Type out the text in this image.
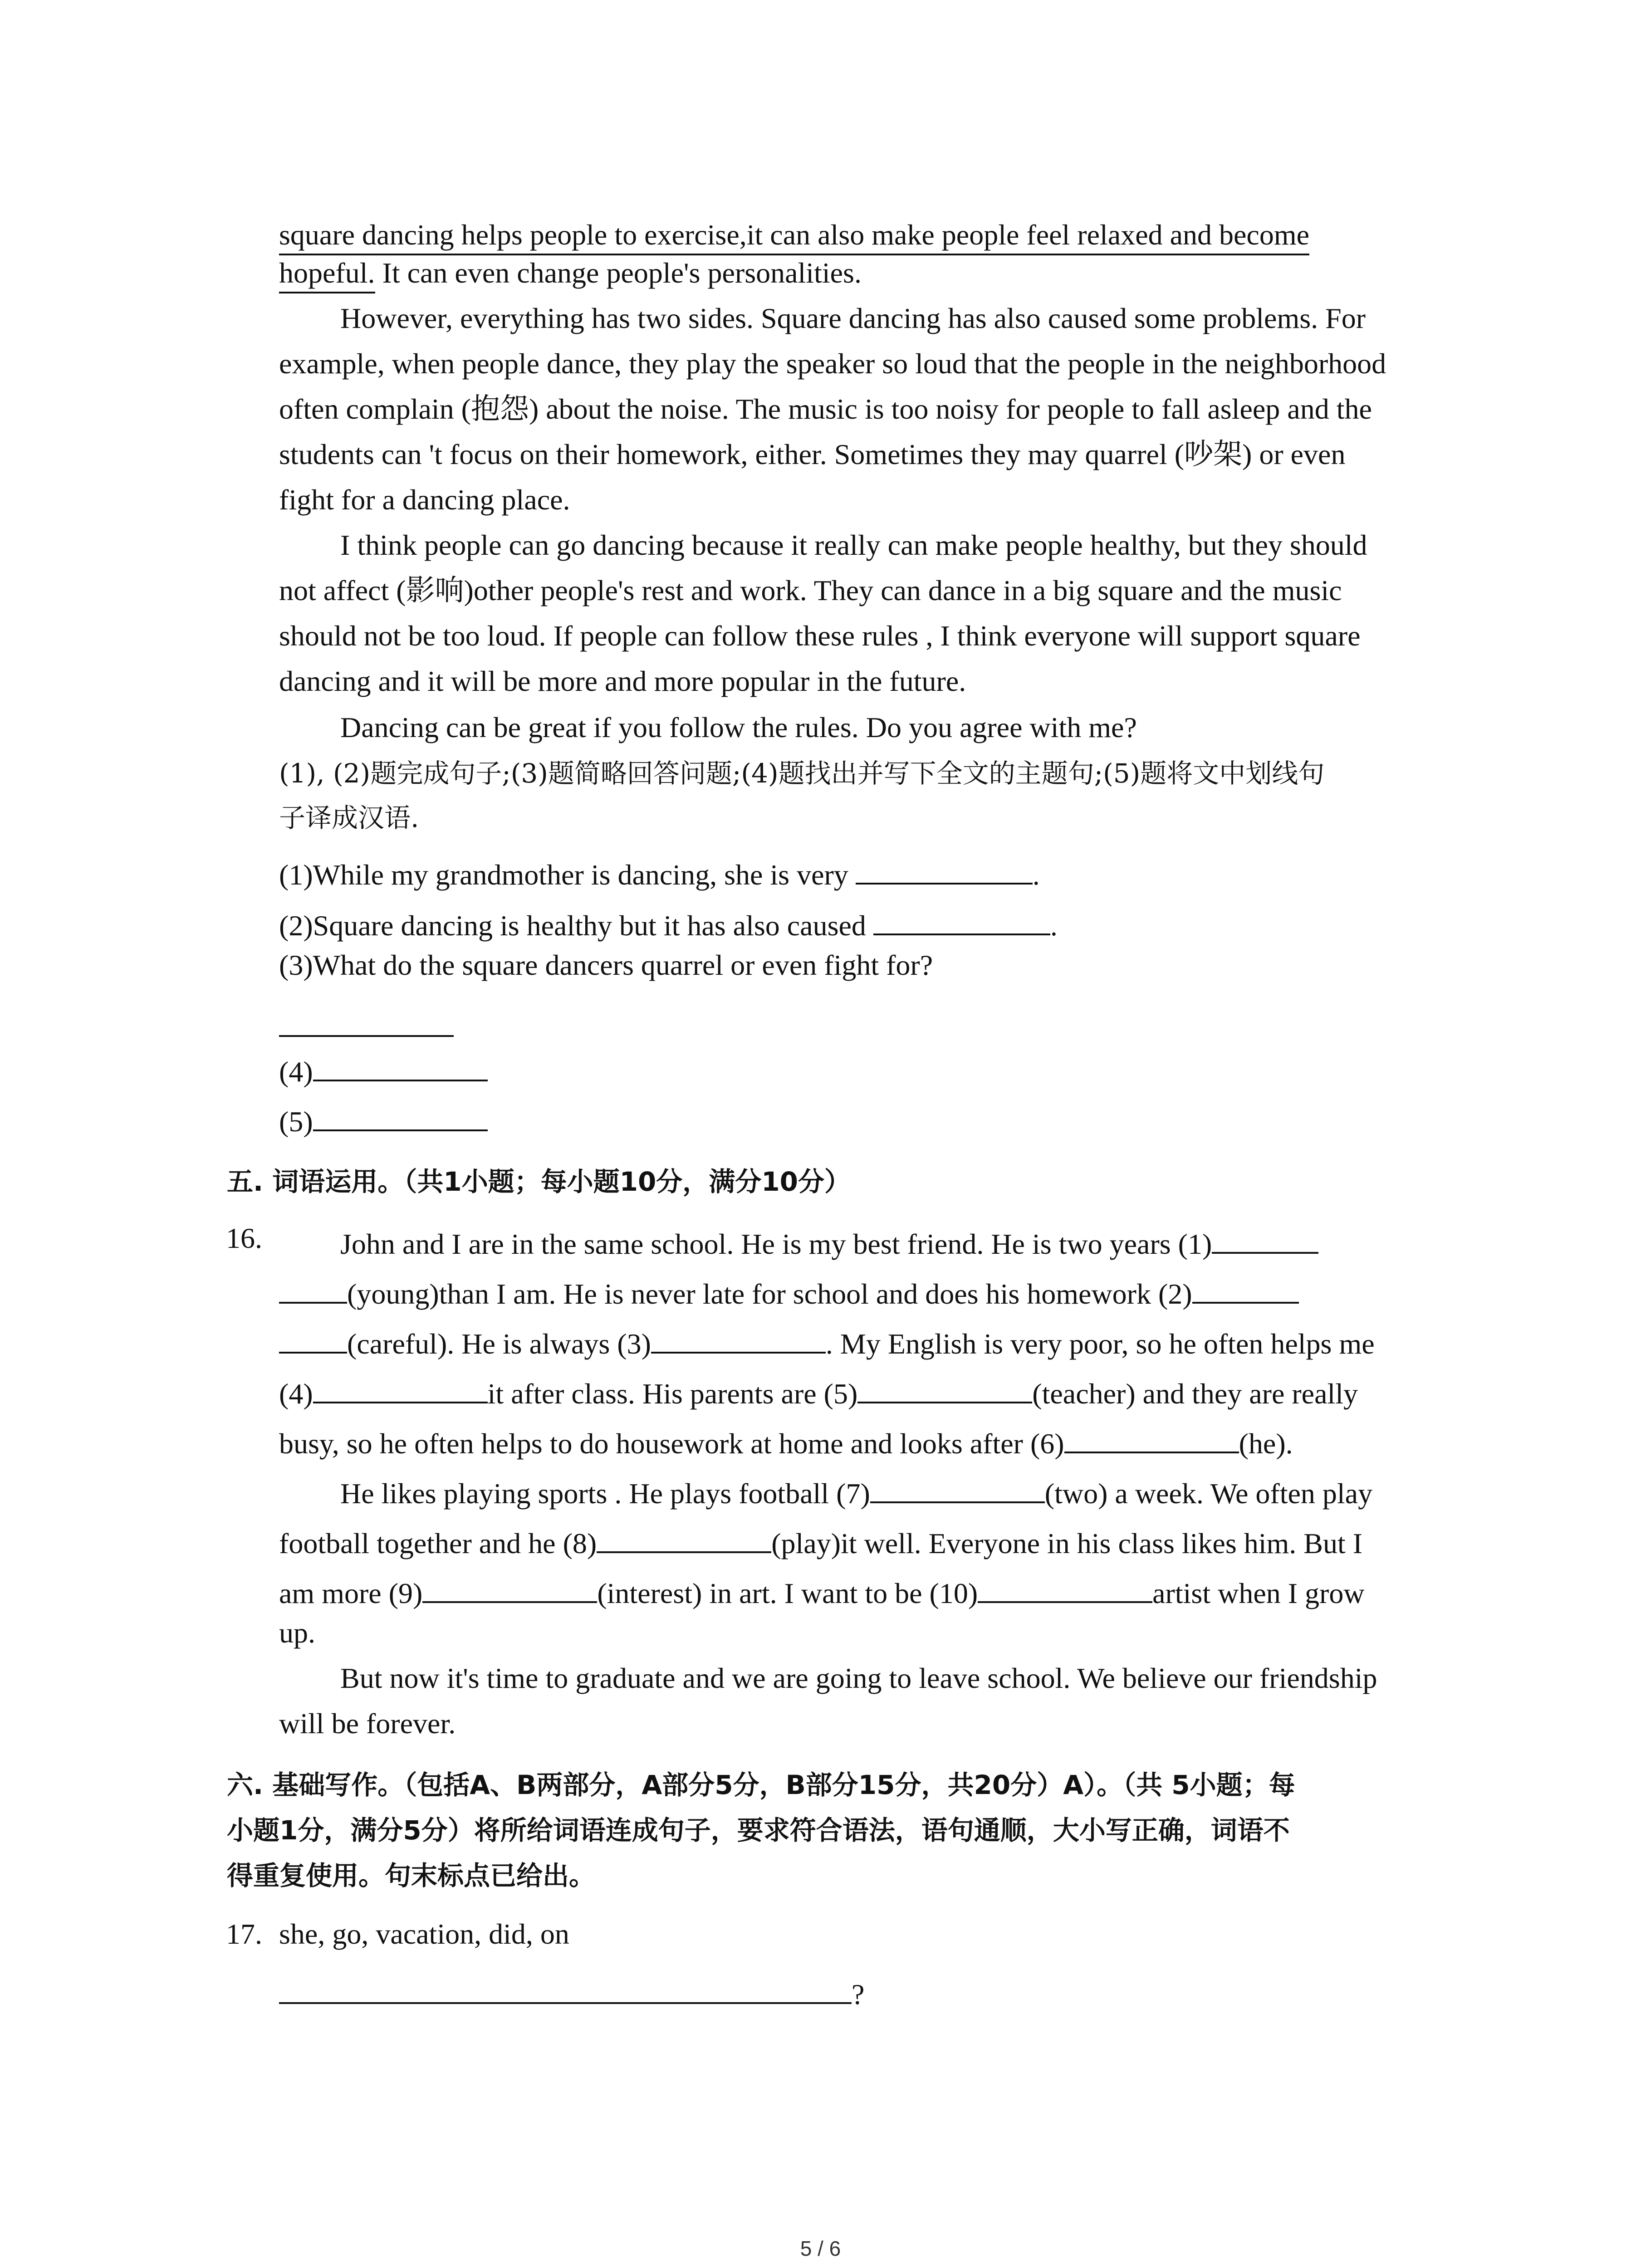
square dancing helps people to exercise,it can also make people feel relaxed and become
hopeful. It can even change people's personalities.
However, everything has two sides. Square dancing has also caused some problems. For
example, when people dance, they play the speaker so loud that the people in the neighborhood
often complain (抱怨) about the noise. The music is too noisy for people to fall asleep and the
students can 't focus on their homework, either. Sometimes they may quarrel (吵架) or even
fight for a dancing place.
I think people can go dancing because it really can make people healthy, but they should
not affect (影响)other people's rest and work. They can dance in a big square and the music
should not be too loud. If people can follow these rules , I think everyone will support square
dancing and it will be more and more popular in the future.
Dancing can be great if you follow the rules. Do you agree with me?
(1), (2)题完成句子;(3)题简略回答问题;(4)题找出并写下全文的主题句;(5)题将文中划线句
子译成汉语.
(1)While my grandmother is dancing, she is very	.
(2)Square dancing is healthy but it has also caused	.
(3)What do the square dancers quarrel or even fight for?
(4)
(5)
五. 词语运用。（共1小题；每小题10分，满分10分）
16.	John and I are in the same school. He is my best friend. He is two years (1)
(young)than I am. He is never late for school and does his homework (2)
(careful). He is always (3)	. My English is very poor, so he often helps me
(4)	it after class. His parents are (5)	(teacher) and they are really
busy, so he often helps to do housework at home and looks after (6)	(he).
He likes playing sports . He plays football (7)	(two) a week. We often play
football together and he (8)	(play)it well. Everyone in his class likes him. But I
am more (9)	(interest) in art. I want to be (10)	artist when I grow
up.
But now it's time to graduate and we are going to leave school. We believe our friendship
will be forever.
六. 基础写作。（包括A、B两部分，A部分5分，B部分15分，共20分）A）。（共 5小题；每
小题1分，满分5分）将所给词语连成句子，要求符合语法，语句通顺，大小写正确，词语不
得重复使用。句末标点已给出。
17. she, go, vacation, did, on
?
5 / 6
